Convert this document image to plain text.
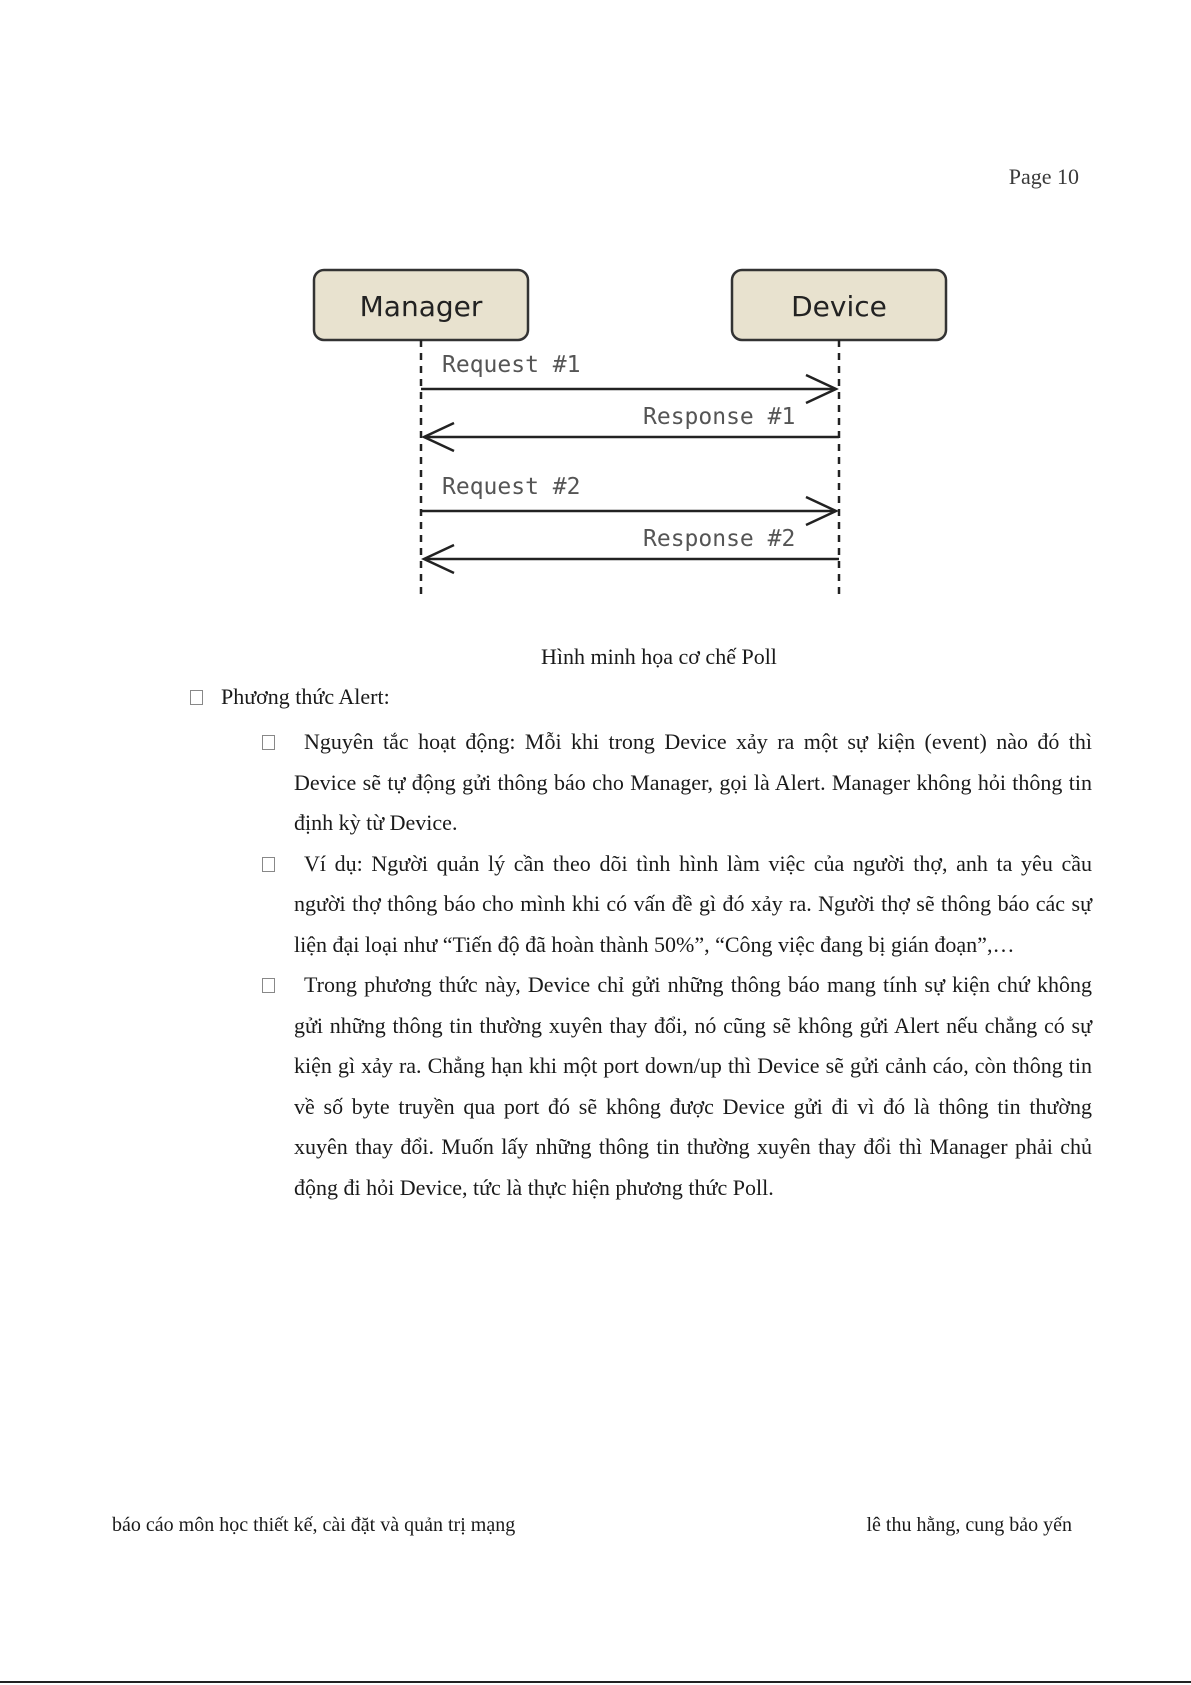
Page 10
Manager	Device
Request #1
Response #1
Request #2
Response #2
Hình minh họa cơ chế Poll
Phương thức Alert:

Nguyên tắc hoạt động: Mỗi khi trong Device xảy ra một sự kiện (event) nào đó thì Device sẽ tự động gửi thông báo cho Manager, gọi là Alert. Manager không hỏi thông tin định kỳ từ Device.

Ví dụ: Người quản lý cần theo dõi tình hình làm việc của người thợ, anh ta yêu cầu người thợ thông báo cho mình khi có vấn đề gì đó xảy ra. Người thợ sẽ thông báo các sự liện đại loại như “Tiến độ đã hoàn thành 50%”, “Công việc đang bị gián đoạn”,…

Trong phương thức này, Device chỉ gửi những thông báo mang tính sự kiện chứ không gửi những thông tin thường xuyên thay đổi, nó cũng sẽ không gửi Alert nếu chẳng có sự kiện gì xảy ra. Chẳng hạn khi một port down/up thì Device sẽ gửi cảnh cáo, còn thông tin về số byte truyền qua port đó sẽ không được Device gửi đi vì đó là thông tin thường xuyên thay đổi. Muốn lấy những thông tin thường xuyên thay đổi thì Manager phải chủ động đi hỏi Device, tức là thực hiện phương thức Poll.

báo cáo môn học thiết kế, cài đặt và quản trị mạng	lê thu hằng, cung bảo yến
